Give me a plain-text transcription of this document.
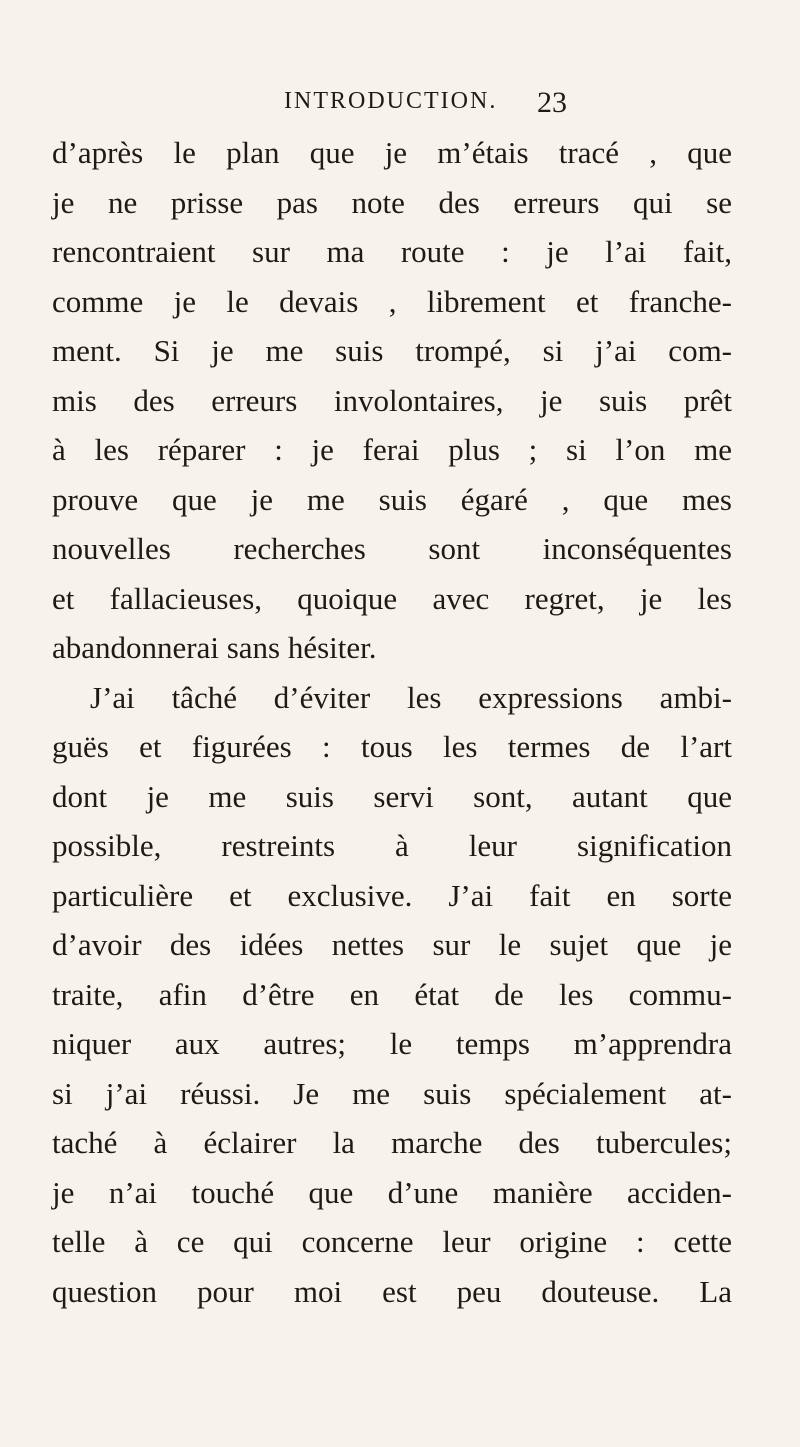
INTRODUCTION. 23
d’après le plan que je m’étais tracé , que
je ne prisse pas note des erreurs qui se
rencontraient sur ma route : je l’ai fait,
comme je le devais , librement et franche-
ment. Si je me suis trompé, si j’ai com-
mis des erreurs involontaires, je suis prêt
à les réparer : je ferai plus ; si l’on me
prouve que je me suis égaré , que mes
nouvelles recherches sont inconséquentes
et fallacieuses, quoique avec regret, je les
abandonnerai sans hésiter.
J’ai tâché d’éviter les expressions ambi-
guës et figurées : tous les termes de l’art
dont je me suis servi sont, autant que
possible, restreints à leur signification
particulière et exclusive. J’ai fait en sorte
d’avoir des idées nettes sur le sujet que je
traite, afin d’être en état de les commu-
niquer aux autres; le temps m’apprendra
si j’ai réussi. Je me suis spécialement at-
taché à éclairer la marche des tubercules;
je n’ai touché que d’une manière acciden-
telle à ce qui concerne leur origine : cette
question pour moi est peu douteuse. La
